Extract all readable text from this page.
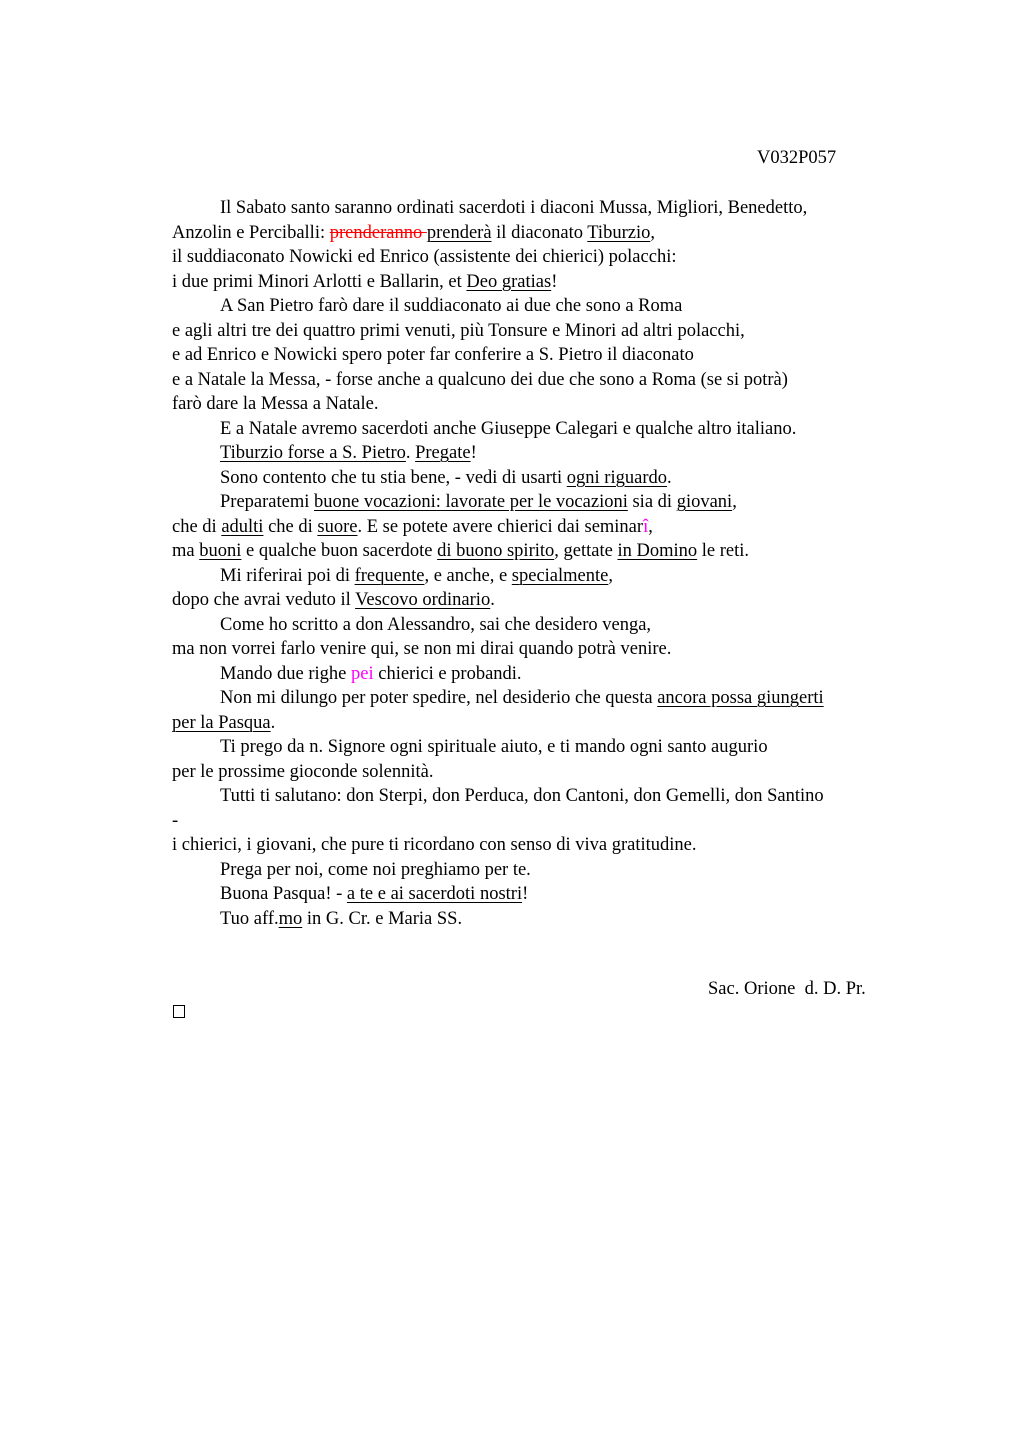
V032P057
Il Sabato santo saranno ordinati sacerdoti i diaconi Mussa, Migliori, Benedetto,
Anzolin e Perciballi: prenderanno prenderà il diaconato Tiburzio,
il suddiaconato Nowicki ed Enrico (assistente dei chierici) polacchi:
i due primi Minori Arlotti e Ballarin, et Deo gratias!
A San Pietro farò dare il suddiaconato ai due che sono a Roma
e agli altri tre dei quattro primi venuti, più Tonsure e Minori ad altri polacchi,
e ad Enrico e Nowicki spero poter far conferire a S. Pietro il diaconato
e a Natale la Messa, - forse anche a qualcuno dei due che sono a Roma (se si potrà)
farò dare la Messa a Natale.
E a Natale avremo sacerdoti anche Giuseppe Calegari e qualche altro italiano.
Tiburzio forse a S. Pietro. Pregate!
Sono contento che tu stia bene, - vedi di usarti ogni riguardo.
Preparatemi buone vocazioni: lavorate per le vocazioni sia di giovani,
che di adulti che di suore. E se potete avere chierici dai seminarî,
ma buoni e qualche buon sacerdote di buono spirito, gettate in Domino le reti.
Mi riferirai poi di frequente, e anche, e specialmente,
dopo che avrai veduto il Vescovo ordinario.
Come ho scritto a don Alessandro, sai che desidero venga,
ma non vorrei farlo venire qui, se non mi dirai quando potrà venire.
Mando due righe pei chierici e probandi.
Non mi dilungo per poter spedire, nel desiderio che questa ancora possa giungerti
per la Pasqua.
Ti prego da n. Signore ogni spirituale aiuto, e ti mando ogni santo augurio
per le prossime gioconde solennità.
Tutti ti salutano: don Sterpi, don Perduca, don Cantoni, don Gemelli, don Santino
-
i chierici, i giovani, che pure ti ricordano con senso di viva gratitudine.
Prega per noi, come noi preghiamo per te.
Buona Pasqua! - a te e ai sacerdoti nostri!
Tuo aff.mo in G. Cr. e Maria SS.
Sac. Orione  d. D. Pr.
